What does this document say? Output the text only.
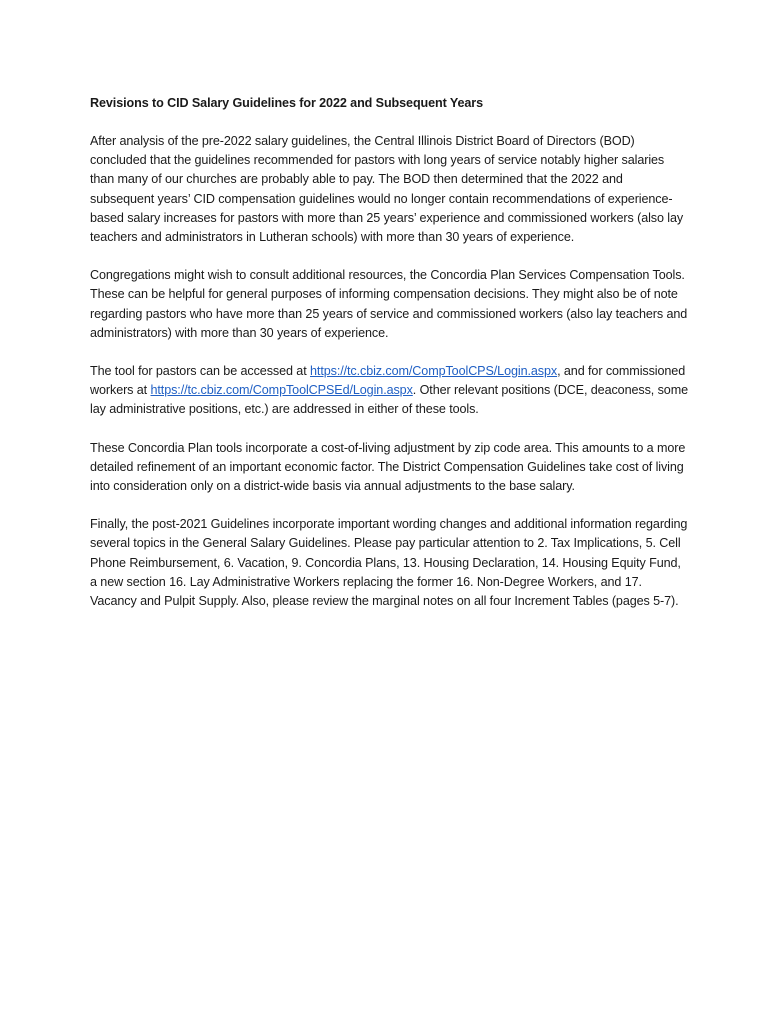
Revisions to CID Salary Guidelines for 2022 and Subsequent Years

After analysis of the pre-2022 salary guidelines, the Central Illinois District Board of Directors (BOD) concluded that the guidelines recommended for pastors with long years of service notably higher salaries than many of our churches are probably able to pay. The BOD then determined that the 2022 and subsequent years’ CID compensation guidelines would no longer contain recommendations of experience-based salary increases for pastors with more than 25 years’ experience and commissioned workers (also lay teachers and administrators in Lutheran schools) with more than 30 years of experience.

Congregations might wish to consult additional resources, the Concordia Plan Services Compensation Tools. These can be helpful for general purposes of informing compensation decisions. They might also be of note regarding pastors who have more than 25 years of service and commissioned workers (also lay teachers and administrators) with more than 30 years of experience.

The tool for pastors can be accessed at https://tc.cbiz.com/CompToolCPS/Login.aspx, and for commissioned workers at https://tc.cbiz.com/CompToolCPSEd/Login.aspx. Other relevant positions (DCE, deaconess, some lay administrative positions, etc.) are addressed in either of these tools.

These Concordia Plan tools incorporate a cost-of-living adjustment by zip code area. This amounts to a more detailed refinement of an important economic factor. The District Compensation Guidelines take cost of living into consideration only on a district-wide basis via annual adjustments to the base salary.

Finally, the post-2021 Guidelines incorporate important wording changes and additional information regarding several topics in the General Salary Guidelines. Please pay particular attention to 2. Tax Implications, 5. Cell Phone Reimbursement, 6. Vacation, 9. Concordia Plans, 13. Housing Declaration, 14. Housing Equity Fund, a new section 16. Lay Administrative Workers replacing the former 16. Non-Degree Workers, and 17. Vacancy and Pulpit Supply. Also, please review the marginal notes on all four Increment Tables (pages 5-7).
